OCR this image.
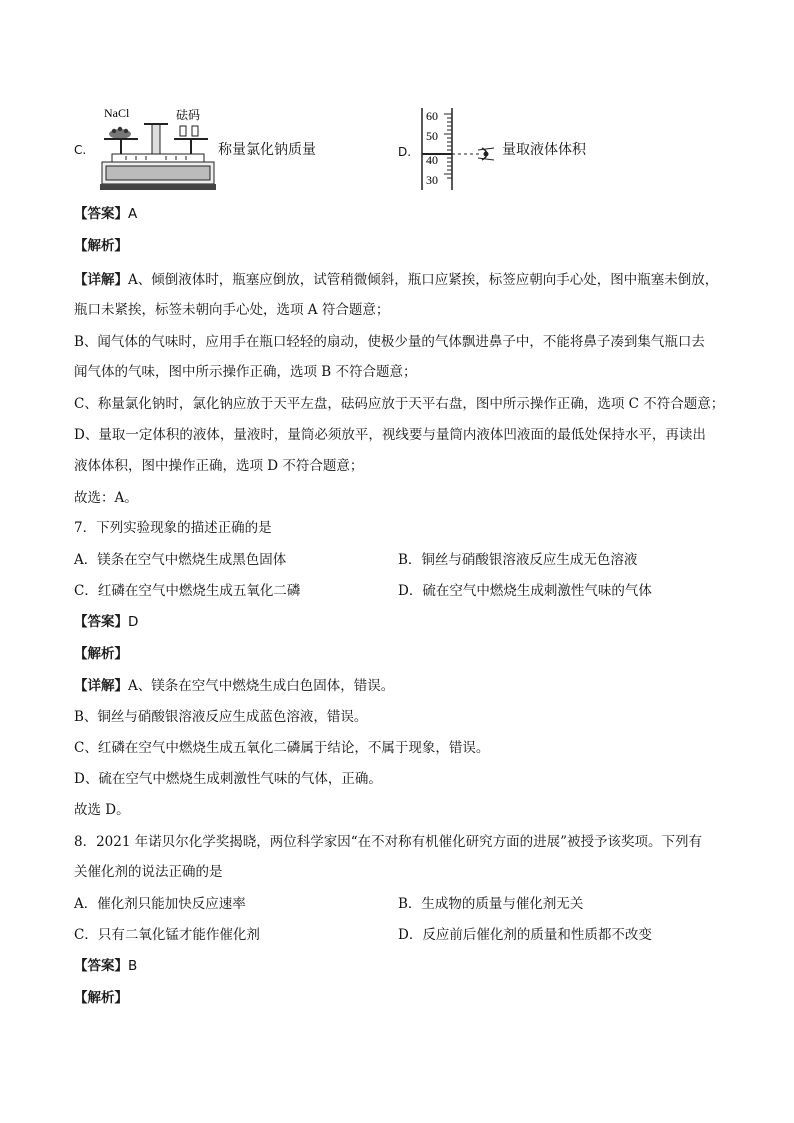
C.
NaCl	砝码
称量氯化钠质量	D.
60
50
40
30
量取液体体积
【答案】A
【解析】
【详解】A、倾倒液体时，瓶塞应倒放，试管稍微倾斜，瓶口应紧挨，标签应朝向手心处，图中瓶塞未倒放，
瓶口未紧挨，标签未朝向手心处，选项 A 符合题意；
B、闻气体的气味时，应用手在瓶口轻轻的扇动，使极少量的气体飘进鼻子中，不能将鼻子凑到集气瓶口去
闻气体的气味，图中所示操作正确，选项 B 不符合题意；
C、称量氯化钠时，氯化钠应放于天平左盘，砝码应放于天平右盘，图中所示操作正确，选项 C 不符合题意；
D、量取一定体积的液体，量液时，量筒必须放平，视线要与量筒内液体凹液面的最低处保持水平，再读出
液体体积，图中操作正确，选项 D 不符合题意；
故选：A。
7．下列实验现象的描述正确的是
A．镁条在空气中燃烧生成黑色固体	B．铜丝与硝酸银溶液反应生成无色溶液
C．红磷在空气中燃烧生成五氧化二磷	D．硫在空气中燃烧生成刺激性气味的气体
【答案】D
【解析】
【详解】A、镁条在空气中燃烧生成白色固体，错误。
B、铜丝与硝酸银溶液反应生成蓝色溶液，错误。
C、红磷在空气中燃烧生成五氧化二磷属于结论，不属于现象，错误。
D、硫在空气中燃烧生成刺激性气味的气体，正确。
故选 D。
8．2021 年诺贝尔化学奖揭晓，两位科学家因“在不对称有机催化研究方面的进展”被授予该奖项。下列有
关催化剂的说法正确的是
A．催化剂只能加快反应速率	B．生成物的质量与催化剂无关
C．只有二氧化锰才能作催化剂	D．反应前后催化剂的质量和性质都不改变
【答案】B
【解析】
